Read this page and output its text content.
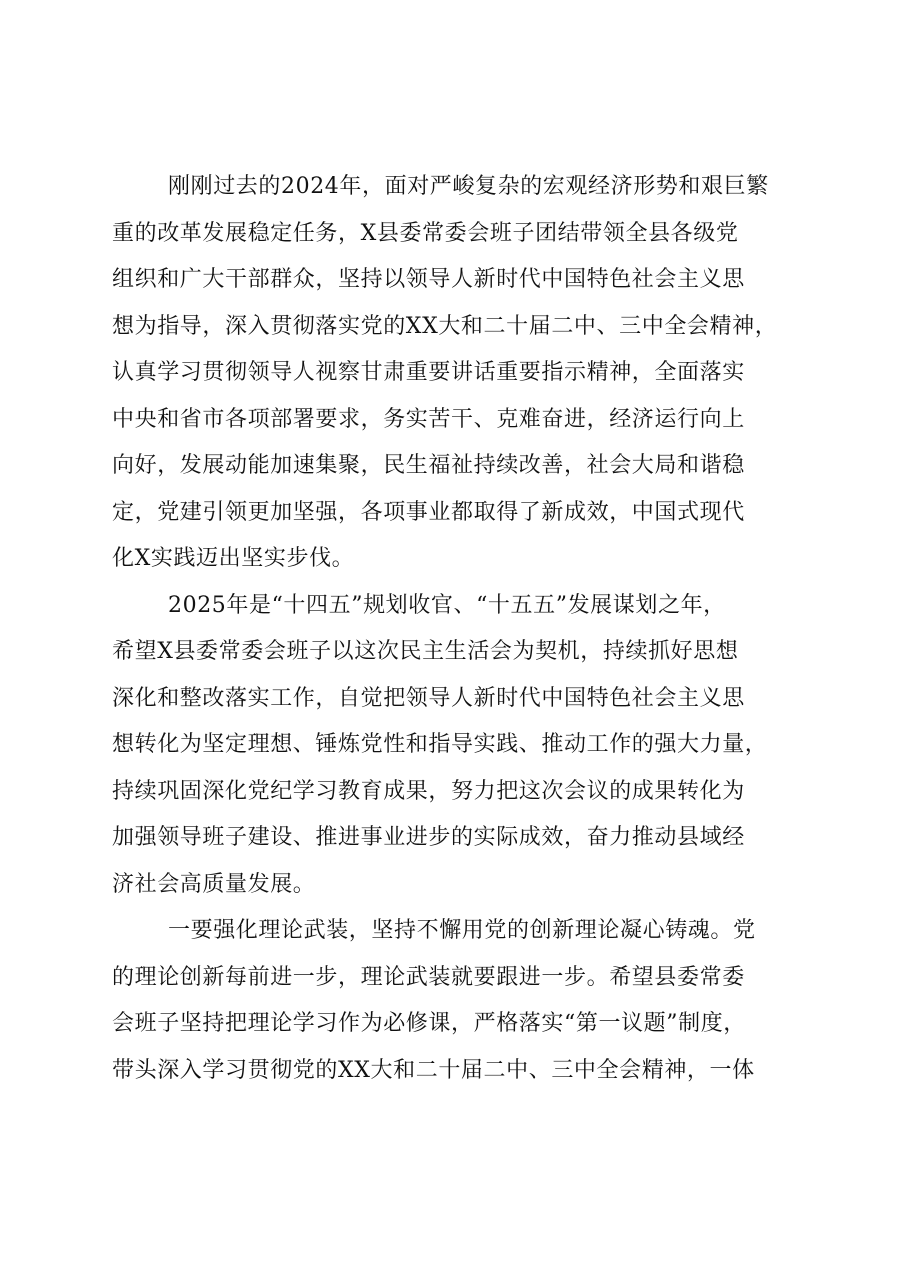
刚刚过去的2024年，面对严峻复杂的宏观经济形势和艰巨繁
重的改革发展稳定任务，X县委常委会班子团结带领全县各级党
组织和广大干部群众，坚持以领导人新时代中国特色社会主义思
想为指导，深入贯彻落实党的XX大和二十届二中、三中全会精神，
认真学习贯彻领导人视察甘肃重要讲话重要指示精神，全面落实
中央和省市各项部署要求，务实苦干、克难奋进，经济运行向上
向好，发展动能加速集聚，民生福祉持续改善，社会大局和谐稳
定，党建引领更加坚强，各项事业都取得了新成效，中国式现代
化X实践迈出坚实步伐。
2025年是“十四五”规划收官、“十五五”发展谋划之年，
希望X县委常委会班子以这次民主生活会为契机，持续抓好思想
深化和整改落实工作，自觉把领导人新时代中国特色社会主义思
想转化为坚定理想、锤炼党性和指导实践、推动工作的强大力量，
持续巩固深化党纪学习教育成果，努力把这次会议的成果转化为
加强领导班子建设、推进事业进步的实际成效，奋力推动县域经
济社会高质量发展。
一要强化理论武装，坚持不懈用党的创新理论凝心铸魂。党
的理论创新每前进一步，理论武装就要跟进一步。希望县委常委
会班子坚持把理论学习作为必修课，严格落实“第一议题”制度，
带头深入学习贯彻党的XX大和二十届二中、三中全会精神，一体
